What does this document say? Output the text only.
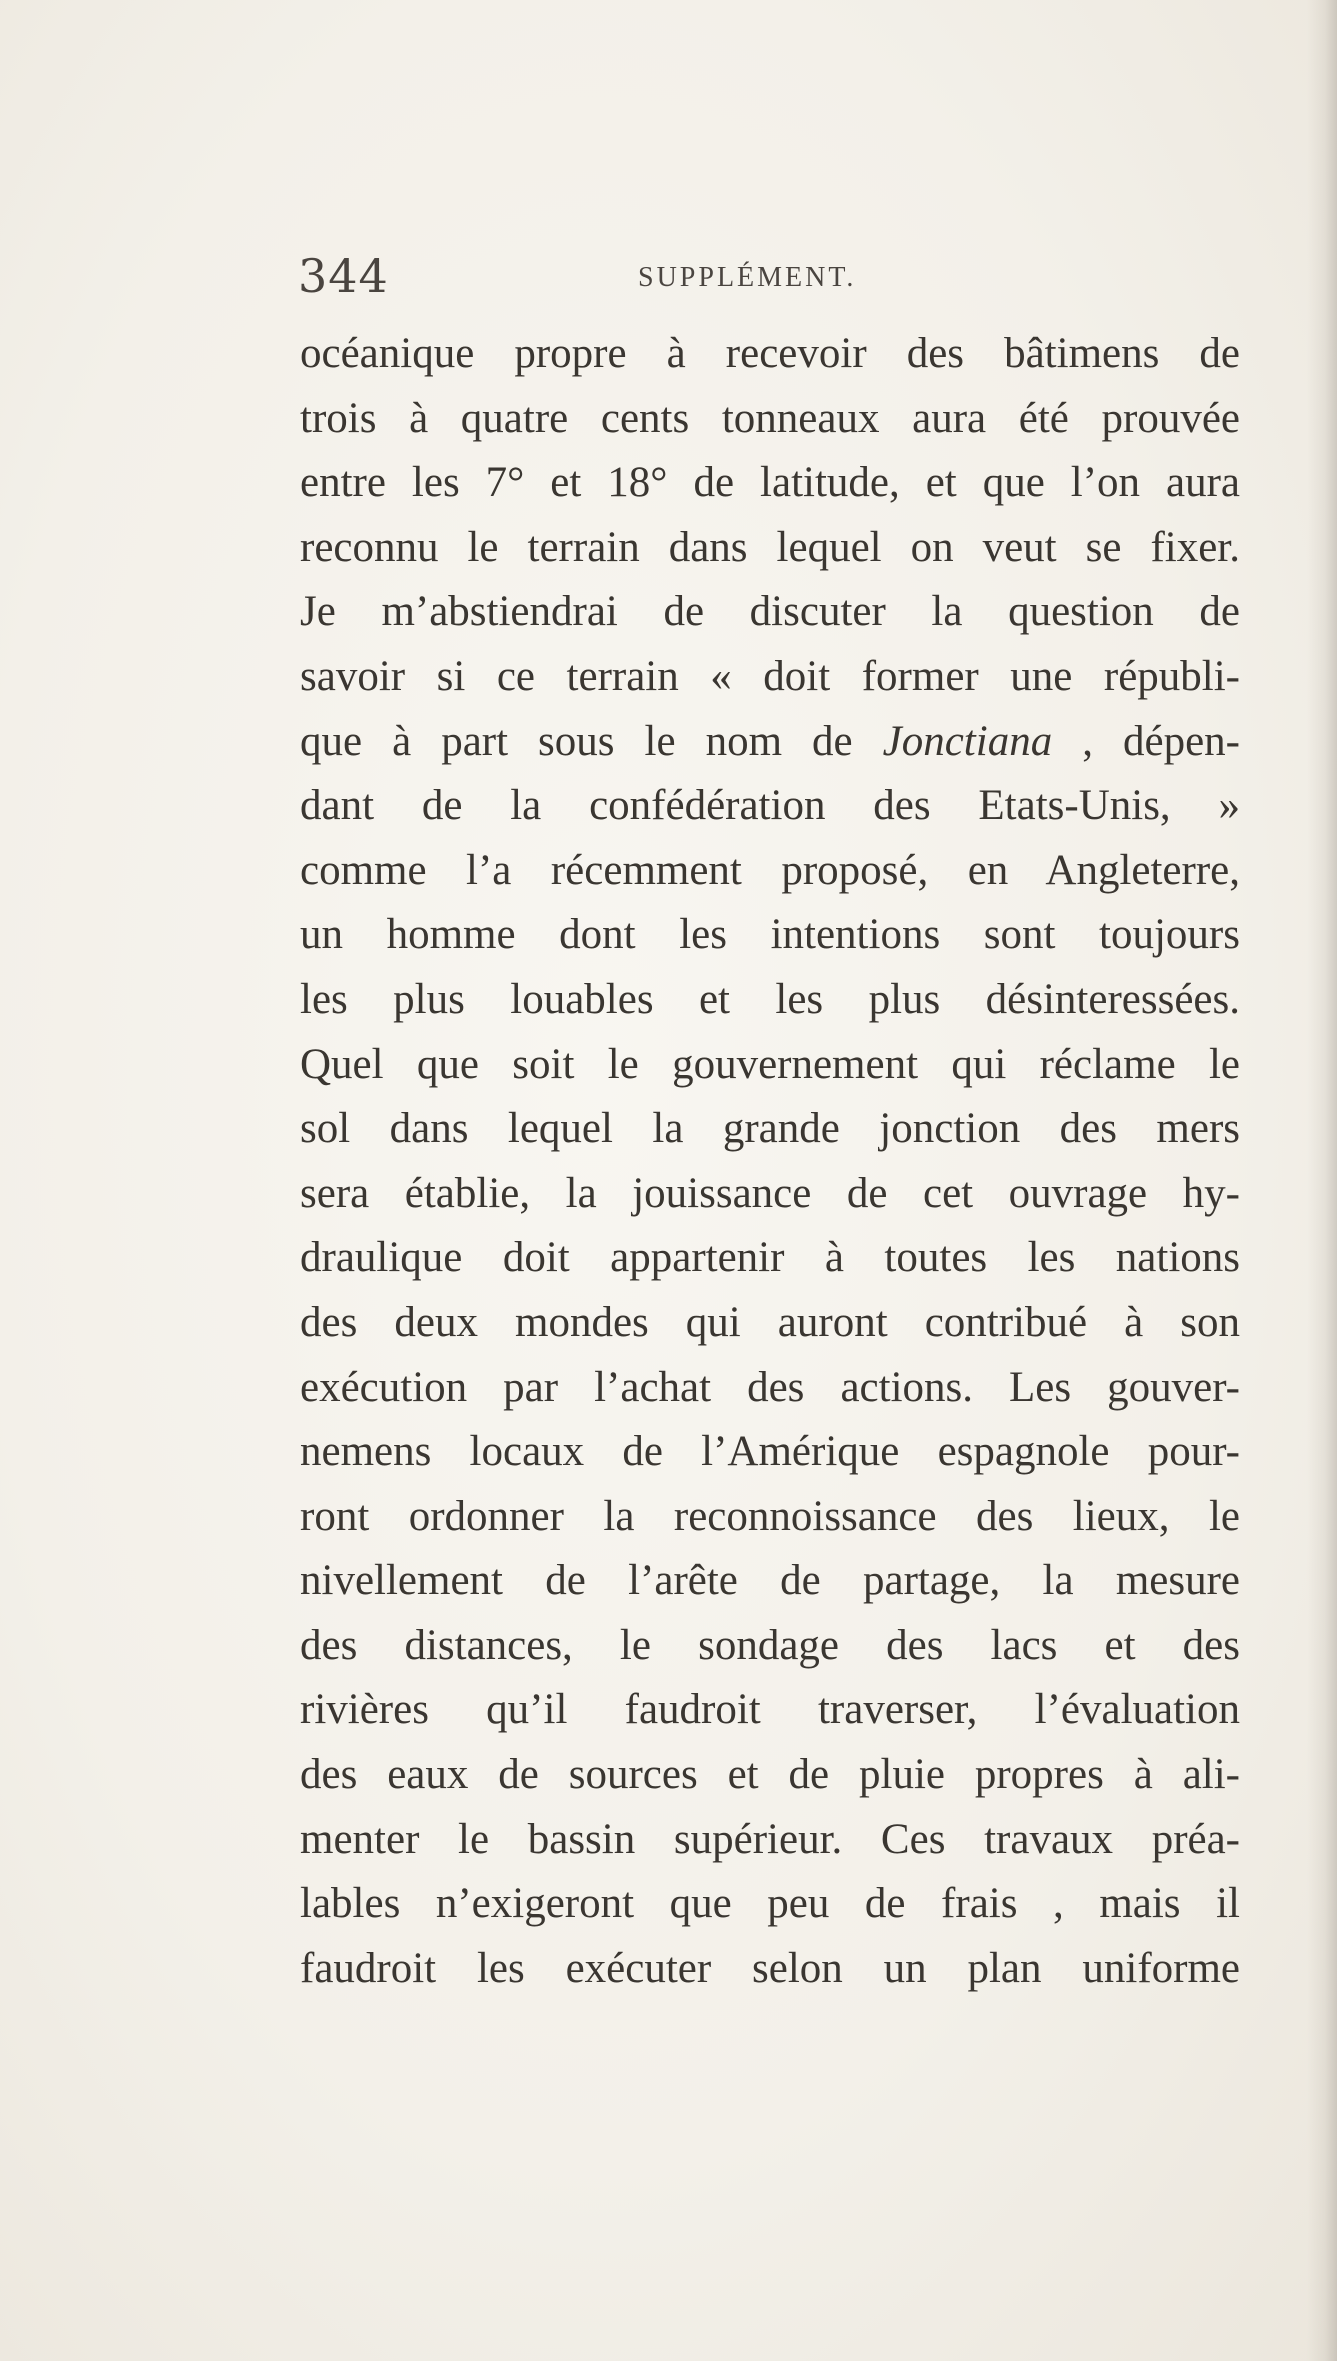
344	SUPPLÉMENT.
océanique propre à recevoir des bâtimens de
trois à quatre cents tonneaux aura été prouvée
entre les 7° et 18° de latitude, et que l’on aura
reconnu le terrain dans lequel on veut se fixer.
Je m’abstiendrai de discuter la question de
savoir si ce terrain « doit former une républi-
que à part sous le nom de Jonctiana , dépen-
dant de la confédération des Etats-Unis, »
comme l’a récemment proposé, en Angleterre,
un homme dont les intentions sont toujours
les plus louables et les plus désinteressées.
Quel que soit le gouvernement qui réclame le
sol dans lequel la grande jonction des mers
sera établie, la jouissance de cet ouvrage hy-
draulique doit appartenir à toutes les nations
des deux mondes qui auront contribué à son
exécution par l’achat des actions. Les gouver-
nemens locaux de l’Amérique espagnole pour-
ront ordonner la reconnoissance des lieux, le
nivellement de l’arête de partage, la mesure
des distances, le sondage des lacs et des
rivières qu’il faudroit traverser, l’évaluation
des eaux de sources et de pluie propres à ali-
menter le bassin supérieur. Ces travaux préa-
lables n’exigeront que peu de frais , mais il
faudroit les exécuter selon un plan uniforme
